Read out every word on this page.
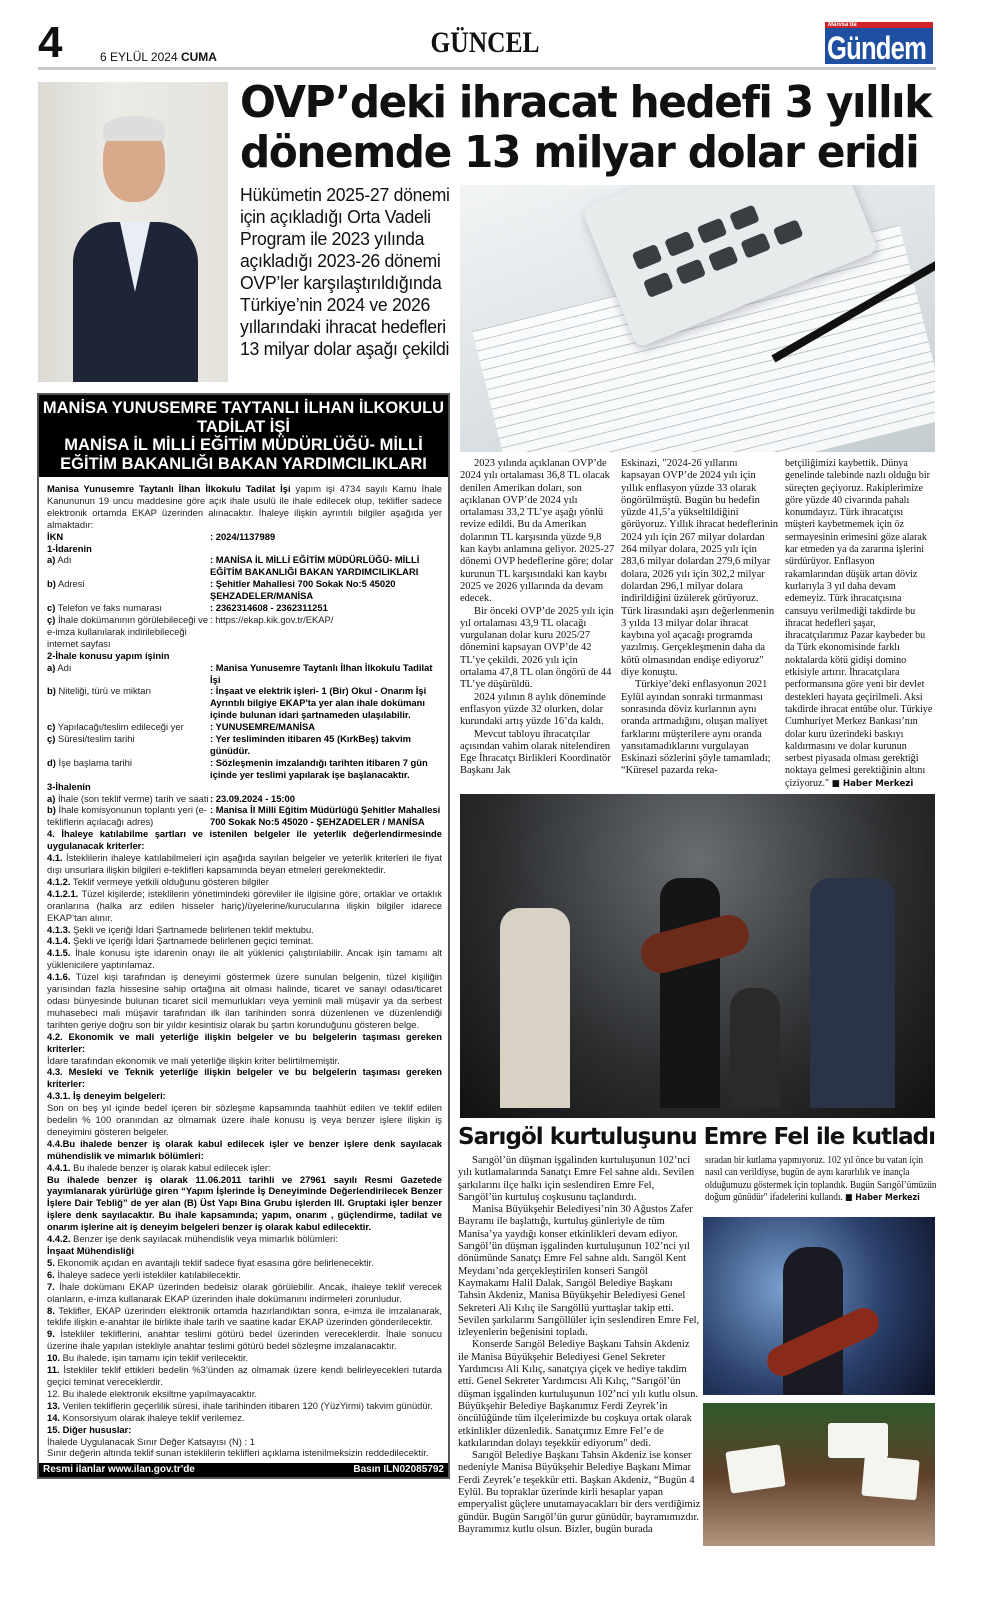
4	6 EYLÜL 2024 CUMA	GÜNCEL
Manisa'da
Gündem
OVP’deki ihracat hedefi 3 yıllık dönemde 13 milyar dolar eridi
Hükümetin 2025-27 dönemi için açıkladığı Orta Vadeli Program ile 2023 yılında açıkladığı 2023-26 dönemi OVP’ler karşılaştırıldığında Türkiye’nin 2024 ve 2026 yıllarındaki ihracat hedefleri 13 milyar dolar aşağı çekildi

2023 yılında açıklanan OVP’de 2024 yılı ortalaması 36,8 TL olacak denilen Amerikan doları, son açıklanan OVP’de 2024 yılı ortalaması 33,2 TL’ye aşağı yönlü revize edildi. Bu da Amerikan dolarının TL karşısında yüzde 9,8 kan kaybı anlamına geliyor. 2025-27 dönemi OVP hedeflerine göre; dolar kurunun TL karşısındaki kan kaybı 2025 ve 2026 yıllarında da devam edecek.

Bir önceki OVP’de 2025 yılı için yıl ortalaması 43,9 TL olacağı vurgulanan dolar kuru 2025/27 dönemini kapsayan OVP’de 42 TL’ye çekildi. 2026 yılı için ortalama 47,8 TL olan öngörü de 44 TL’ye düşürüldü.

2024 yılının 8 aylık döneminde enflasyon yüzde 32 olurken, dolar kurundaki artış yüzde 16’da kaldı.

Mevcut tabloyu ihracatçılar açısından vahim olarak nitelendiren Ege İhracatçı Birlikleri Koordinatör Başkanı Jak

Eskinazi, "2024-26 yıllarını kapsayan OVP’de 2024 yılı için yıllık enflasyon yüzde 33 olarak öngörülmüştü. Bugün bu hedefin yüzde 41,5’a yükseltildiğini görüyoruz. Yıllık ihracat hedeflerinin 2024 yılı için 267 milyar dolardan 264 milyar dolara, 2025 yılı için 283,6 milyar dolardan 279,6 milyar dolara, 2026 yılı için 302,2 milyar dolardan 296,1 milyar dolara indirildiğini üzülerek görüyoruz. Türk lirasındaki aşırı değerlenmenin 3 yılda 13 milyar dolar ihracat kaybına yol açacağı programda yazılmış. Gerçekleşmenin daha da kötü olmasından endişe ediyoruz" diye konuştu.

Türkiye’deki enflasyonun 2021 Eylül ayından sonraki tırmanması sonrasında döviz kurlarının aynı oranda artmadığını, oluşan maliyet farklarını müşterilere aynı oranda yansıtamadıklarını vurgulayan Eskinazi sözlerini şöyle tamamladı; “Küresel pazarda reka-

betçiliğimizi kaybettik. Dünya genelinde talebinde nazlı olduğu bir süreçten geçiyoruz. Rakiplerimize göre yüzde 40 civarında pahalı konumdayız. Türk ihracatçısı müşteri kaybetmemek için öz sermayesinin erimesini göze alarak kar etmeden ya da zararına işlerini sürdürüyor. Enflasyon rakamlarından düşük artan döviz kurlarıyla 3 yıl daha devam edemeyiz. Türk ihracatçısına cansuyu verilmediği takdirde bu ihracat hedefleri şaşar, ihracatçılarımız Pazar kaybeder bu da Türk ekonomisinde farklı noktalarda kötü gidişi domino etkisiyle artırır. İhracatçılara performansına göre yeni bir devlet destekleri hayata geçirilmeli. Aksi takdirde ihracat entübe olur. Türkiye Cumhuriyet Merkez Bankası’nın dolar kuru üzerindeki baskıyı kaldırmasını ve dolar kurunun serbest piyasada olması gerektiği noktaya gelmesi gerektiğinin altını çiziyoruz." ■ Haber Merkezi

Sarıgöl kurtuluşunu Emre Fel ile kutladı

Sarıgöl’ün düşman işgalinden kurtuluşunun 102’nci yılı kutlamalarında Sanatçı Emre Fel sahne aldı. Sevilen şarkılarını ilçe halkı için seslendiren Emre Fel, Sarıgöl’ün kurtuluş coşkusunu taçlandırdı.

Manisa Büyükşehir Belediyesi’nin 30 Ağustos Zafer Bayramı ile başlattığı, kurtuluş günleriyle de tüm Manisa’ya yaydığı konser etkinlikleri devam ediyor. Sarıgöl’ün düşman işgalinden kurtuluşunun 102’nci yıl dönümünde Sanatçı Emre Fel sahne aldı. Sarıgöl Kent Meydanı’nda gerçekleştirilen konseri Sarıgöl Kaymakamı Halil Dalak, Sarıgöl Belediye Başkanı Tahsin Akdeniz, Manisa Büyükşehir Belediyesi Genel Sekreteri Ali Kılıç ile Sarıgöllü yurttaşlar takip etti. Sevilen şarkılarını Sarıgöllüler için seslendiren Emre Fel, izleyenlerin beğenisini topladı.

Konserde Sarıgöl Belediye Başkanı Tahsin Akdeniz ile Manisa Büyükşehir Belediyesi Genel Sekreter Yardımcısı Ali Kılıç, sanatçıya çiçek ve hediye takdim etti. Genel Sekreter Yardımcısı Ali Kılıç, “Sarıgöl’ün düşman işgalinden kurtuluşunun 102’nci yılı kutlu olsun. Büyükşehir Belediye Başkanımız Ferdi Zeyrek’in öncülüğünde tüm ilçelerimizde bu coşkuya ortak olarak etkinlikler düzenledik. Sanatçımız Emre Fel’e de katkılarından dolayı teşekkür ediyorum" dedi.

Sarıgöl Belediye Başkanı Tahsin Akdeniz ise konser nedeniyle Manisa Büyükşehir Belediye Başkanı Mimar Ferdi Zeyrek’e teşekkür etti. Başkan Akdeniz, “Bugün 4 Eylül. Bu topraklar üzerinde kirli hesaplar yapan emperyalist güçlere unutamayacakları bir ders verdiğimiz gündür. Bugün Sarıgöl’ün gurur günüdür, bayramımızdır. Bayramımız kutlu olsun. Bizler, bugün burada

sıradan bir kutlama yapmıyoruz. 102 yıl önce bu vatan için nasıl can verildiyse, bugün de aynı kararlılık ve inançla olduğumuzu göstermek için toplandık. Bugün Sarıgöl’ümüzün doğum günüdür" ifadelerini kullandı. ■ Haber Merkezi

MANİSA YUNUSEMRE TAYTANLI İLHAN İLKOKULU TADİLAT İŞİ
MANİSA İL MİLLİ EĞİTİM MÜDÜRLÜĞÜ- MİLLİ EĞİTİM BAKANLIĞI BAKAN YARDIMCILIKLARI
Manisa Yunusemre Taytanlı İlhan İlkokulu Tadilat İşi yapım işi 4734 sayılı Kamu İhale Kanununun 19 uncu maddesine göre açık ihale usulü ile ihale edilecek olup, teklifler sadece elektronik ortamda EKAP üzerinden alınacaktır. İhaleye ilişkin ayrıntılı bilgiler aşağıda yer almaktadır:
İKN	: 2024/1137989
1-İdarenin
a) Adı	: MANİSA İL MİLLİ EĞİTİM MÜDÜRLÜĞÜ- MİLLİ EĞİTİM BAKANLIĞI BAKAN YARDIMCILIKLARI
b) Adresi	: Şehitler Mahallesi 700 Sokak No:5 45020 ŞEHZADELER/MANİSA
c) Telefon ve faks numarası	: 2362314608 - 2362311251
ç) İhale dokümanının görülebileceği ve e-imza kullanılarak indirilebileceği internet sayfası
: https://ekap.kik.gov.tr/EKAP/
2-İhale konusu yapım işinin
a) Adı	: Manisa Yunusemre Taytanlı İlhan İlkokulu Tadilat İşi
b) Niteliği, türü ve miktarı	: İnşaat ve elektrik işleri- 1 (Bir) Okul - Onarım İşi Ayrıntılı bilgiye EKAP'ta yer alan ihale dokümanı içinde bulunan idari şartnameden ulaşılabilir.
c) Yapılacağı/teslim edileceği yer	: YUNUSEMRE/MANİSA
ç) Süresi/teslim tarihi	: Yer tesliminden itibaren 45 (KırkBeş) takvim günüdür.
d) İşe başlama tarihi	: Sözleşmenin imzalandığı tarihten itibaren 7 gün içinde yer teslimi yapılarak işe başlanacaktır.
3-İhalenin
a) İhale (son teklif verme) tarih ve saati : 23.09.2024 - 15:00
b) İhale komisyonunun toplantı yeri (e-tekliflerin açılacağı adres)
: Manisa İl Milli Eğitim Müdürlüğü Şehitler Mahallesi 700 Sokak No:5 45020 - ŞEHZADELER / MANİSA
4. İhaleye katılabilme şartları ve istenilen belgeler ile yeterlik değerlendirmesinde uygulanacak kriterler:
4.1. İsteklilerin ihaleye katılabilmeleri için aşağıda sayılan belgeler ve yeterlik kriterleri ile fiyat dışı unsurlara ilişkin bilgileri e-teklifleri kapsamında beyan etmeleri gerekmektedir.
4.1.2. Teklif vermeye yetkili olduğunu gösteren bilgiler
4.1.2.1. Tüzel kişilerde; isteklilerin yönetimindeki görevliler ile ilgisine göre, ortaklar ve ortaklık oranlarına (halka arz edilen hisseler hariç)/üyelerine/kurucularına ilişkin bilgiler idarece EKAP’tan alınır.
4.1.3. Şekli ve içeriği İdari Şartnamede belirlenen teklif mektubu.
4.1.4. Şekli ve içeriği İdari Şartnamede belirlenen geçici teminat.
4.1.5. İhale konusu işte idarenin onayı ile alt yüklenici çalıştırılabilir. Ancak işin tamamı alt yüklenicilere yaptırılamaz.
4.1.6. Tüzel kişi tarafından iş deneyimi göstermek üzere sunulan belgenin, tüzel kişiliğin yarısından fazla hissesine sahip ortağına ait olması halinde, ticaret ve sanayi odası/ticaret odası bünyesinde bulunan ticaret sicil memurlukları veya yeminli mali müşavir ya da serbest muhasebeci mali müşavir tarafından ilk ilan tarihinden sonra düzenlenen ve düzenlendiği tarihten geriye doğru son bir yıldır kesintisiz olarak bu şartın korunduğunu gösteren belge.
4.2. Ekonomik ve mali yeterliğe ilişkin belgeler ve bu belgelerin taşıması gereken kriterler:
İdare tarafından ekonomik ve mali yeterliğe ilişkin kriter belirtilmemiştir.
4.3. Mesleki ve Teknik yeterliğe ilişkin belgeler ve bu belgelerin taşıması gereken kriterler:
4.3.1. İş deneyim belgeleri:
Son on beş yıl içinde bedel içeren bir sözleşme kapsamında taahhüt edilen ve teklif edilen bedelin % 100 oranından az olmamak üzere ihale konusu iş veya benzer işlere ilişkin iş deneyimini gösteren belgeler.
4.4.Bu ihalede benzer iş olarak kabul edilecek işler ve benzer işlere denk sayılacak mühendislik ve mimarlık bölümleri:
4.4.1. Bu ihalede benzer iş olarak kabul edilecek işler:
Bu ihalede benzer iş olarak 11.06.2011 tarihli ve 27961 sayılı Resmi Gazetede yayımlanarak yürürlüğe giren “Yapım İşlerinde İş Deneyiminde Değerlendirilecek Benzer İşlere Dair Tebliğ” de yer alan (B) Üst Yapı Bina Grubu işlerden III. Gruptaki işler benzer işlere denk sayılacaktır. Bu ihale kapsamında; yapım, onarım , güçlendirme, tadilat ve onarım işlerine ait iş deneyim belgeleri benzer iş olarak kabul edilecektir.
4.4.2. Benzer işe denk sayılacak mühendislik veya mimarlık bölümleri:
İnşaat Mühendisliği
5. Ekonomik açıdan en avantajlı teklif sadece fiyat esasına göre belirlenecektir.
6. İhaleye sadece yerli istekliler katılabilecektir.
7. İhale dokümanı EKAP üzerinden bedelsiz olarak görülebilir. Ancak, ihaleye teklif verecek olanların, e-imza kullanarak EKAP üzerinden ihale dokümanını indirmeleri zorunludur.
8. Teklifler, EKAP üzerinden elektronik ortamda hazırlandıktan sonra, e-imza ile imzalanarak, teklife ilişkin e-anahtar ile birlikte ihale tarih ve saatine kadar EKAP üzerinden gönderilecektir.
9. İstekliler tekliflerini, anahtar teslimi götürü bedel üzerinden vereceklerdir. İhale sonucu üzerine ihale yapılan istekliyle anahtar teslimi götürü bedel sözleşme imzalanacaktır.
10. Bu ihalede, işin tamamı için teklif verilecektir.
11. İstekliler teklif ettikleri bedelin %3’ünden az olmamak üzere kendi belirleyecekleri tutarda geçici teminat vereceklerdir.
12. Bu ihalede elektronik eksiltme yapılmayacaktır.
13. Verilen tekliflerin geçerlilik süresi, ihale tarihinden itibaren 120 (YüzYirmi) takvim günüdür.
14. Konsorsiyum olarak ihaleye teklif verilemez.
15. Diğer hususlar:
İhalede Uygulanacak Sınır Değer Katsayısı (N) : 1
Sınır değerin altında teklif sunan isteklilerin teklifleri açıklama istenilmeksizin reddedilecektir.
Resmi ilanlar www.ilan.gov.tr'de	Basın ILN02085792
